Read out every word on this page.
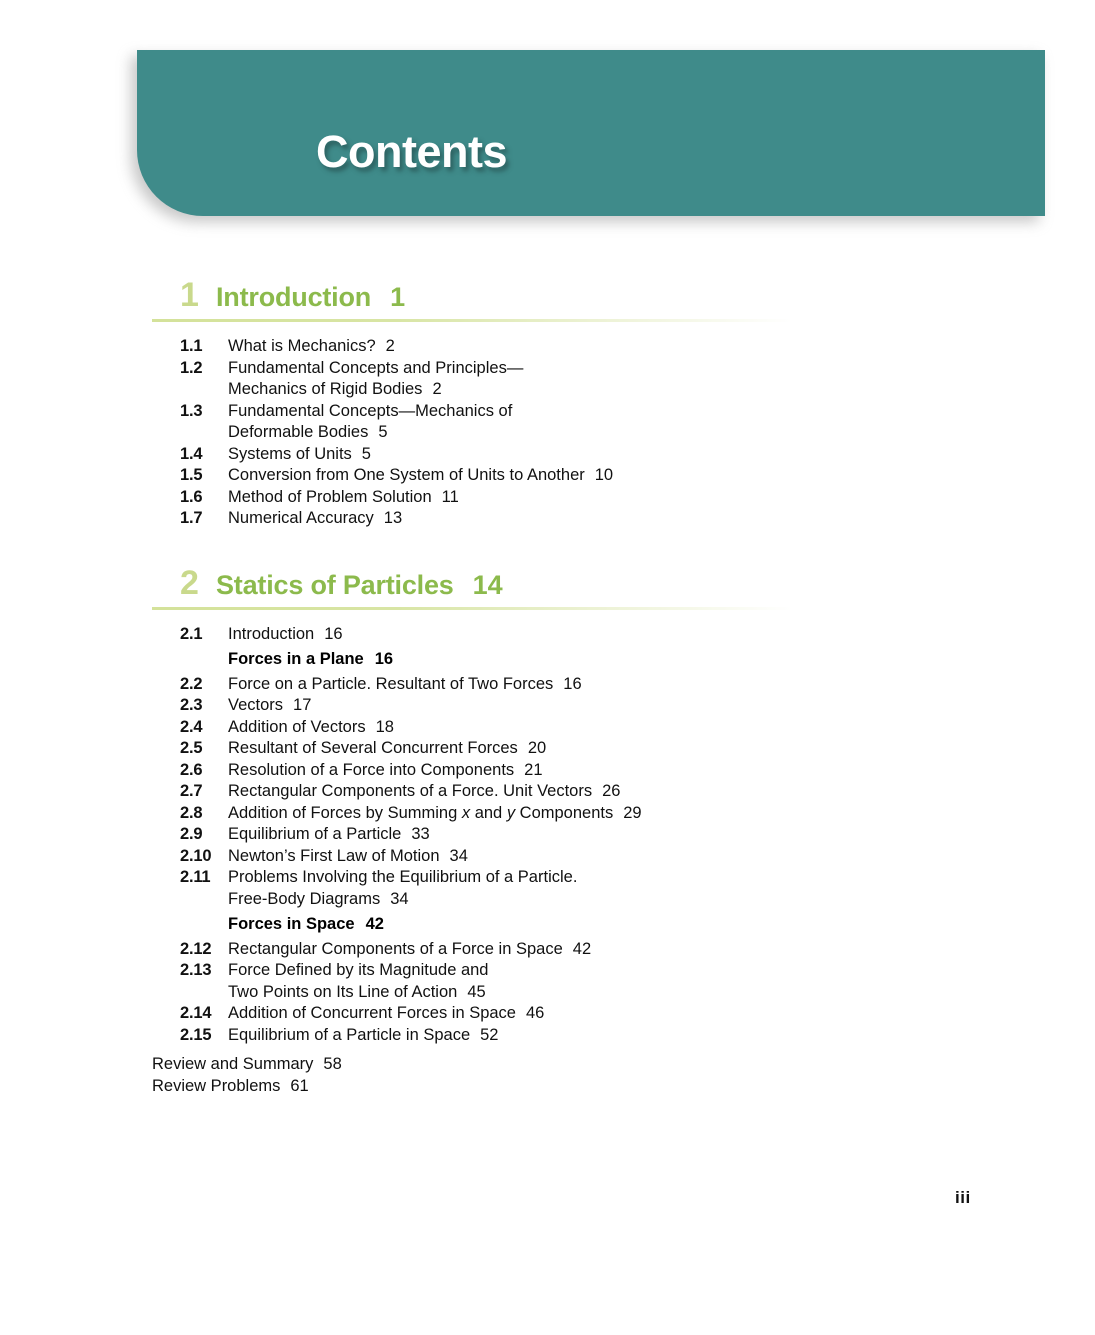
Contents
1 Introduction 1
1.1	What is Mechanics? 2
1.2	Fundamental Concepts and Principles—
Mechanics of Rigid Bodies 2
1.3	Fundamental Concepts—Mechanics of
Deformable Bodies 5
1.4	Systems of Units 5
1.5	Conversion from One System of Units to Another 10
1.6	Method of Problem Solution 11
1.7	Numerical Accuracy 13
2 Statics of Particles 14
2.1	Introduction 16
Forces in a Plane 16
2.2	Force on a Particle. Resultant of Two Forces 16
2.3	Vectors 17
2.4	Addition of Vectors 18
2.5	Resultant of Several Concurrent Forces 20
2.6	Resolution of a Force into Components 21
2.7	Rectangular Components of a Force. Unit Vectors 26
2.8	Addition of Forces by Summing x and y Components 29
2.9	Equilibrium of a Particle 33
2.10	Newton’s First Law of Motion 34
2.11	Problems Involving the Equilibrium of a Particle.
Free-Body Diagrams 34
Forces in Space 42
2.12	Rectangular Components of a Force in Space 42
2.13	Force Defined by its Magnitude and
Two Points on Its Line of Action 45
2.14	Addition of Concurrent Forces in Space 46
2.15	Equilibrium of a Particle in Space 52
Review and Summary 58
Review Problems 61
iii
